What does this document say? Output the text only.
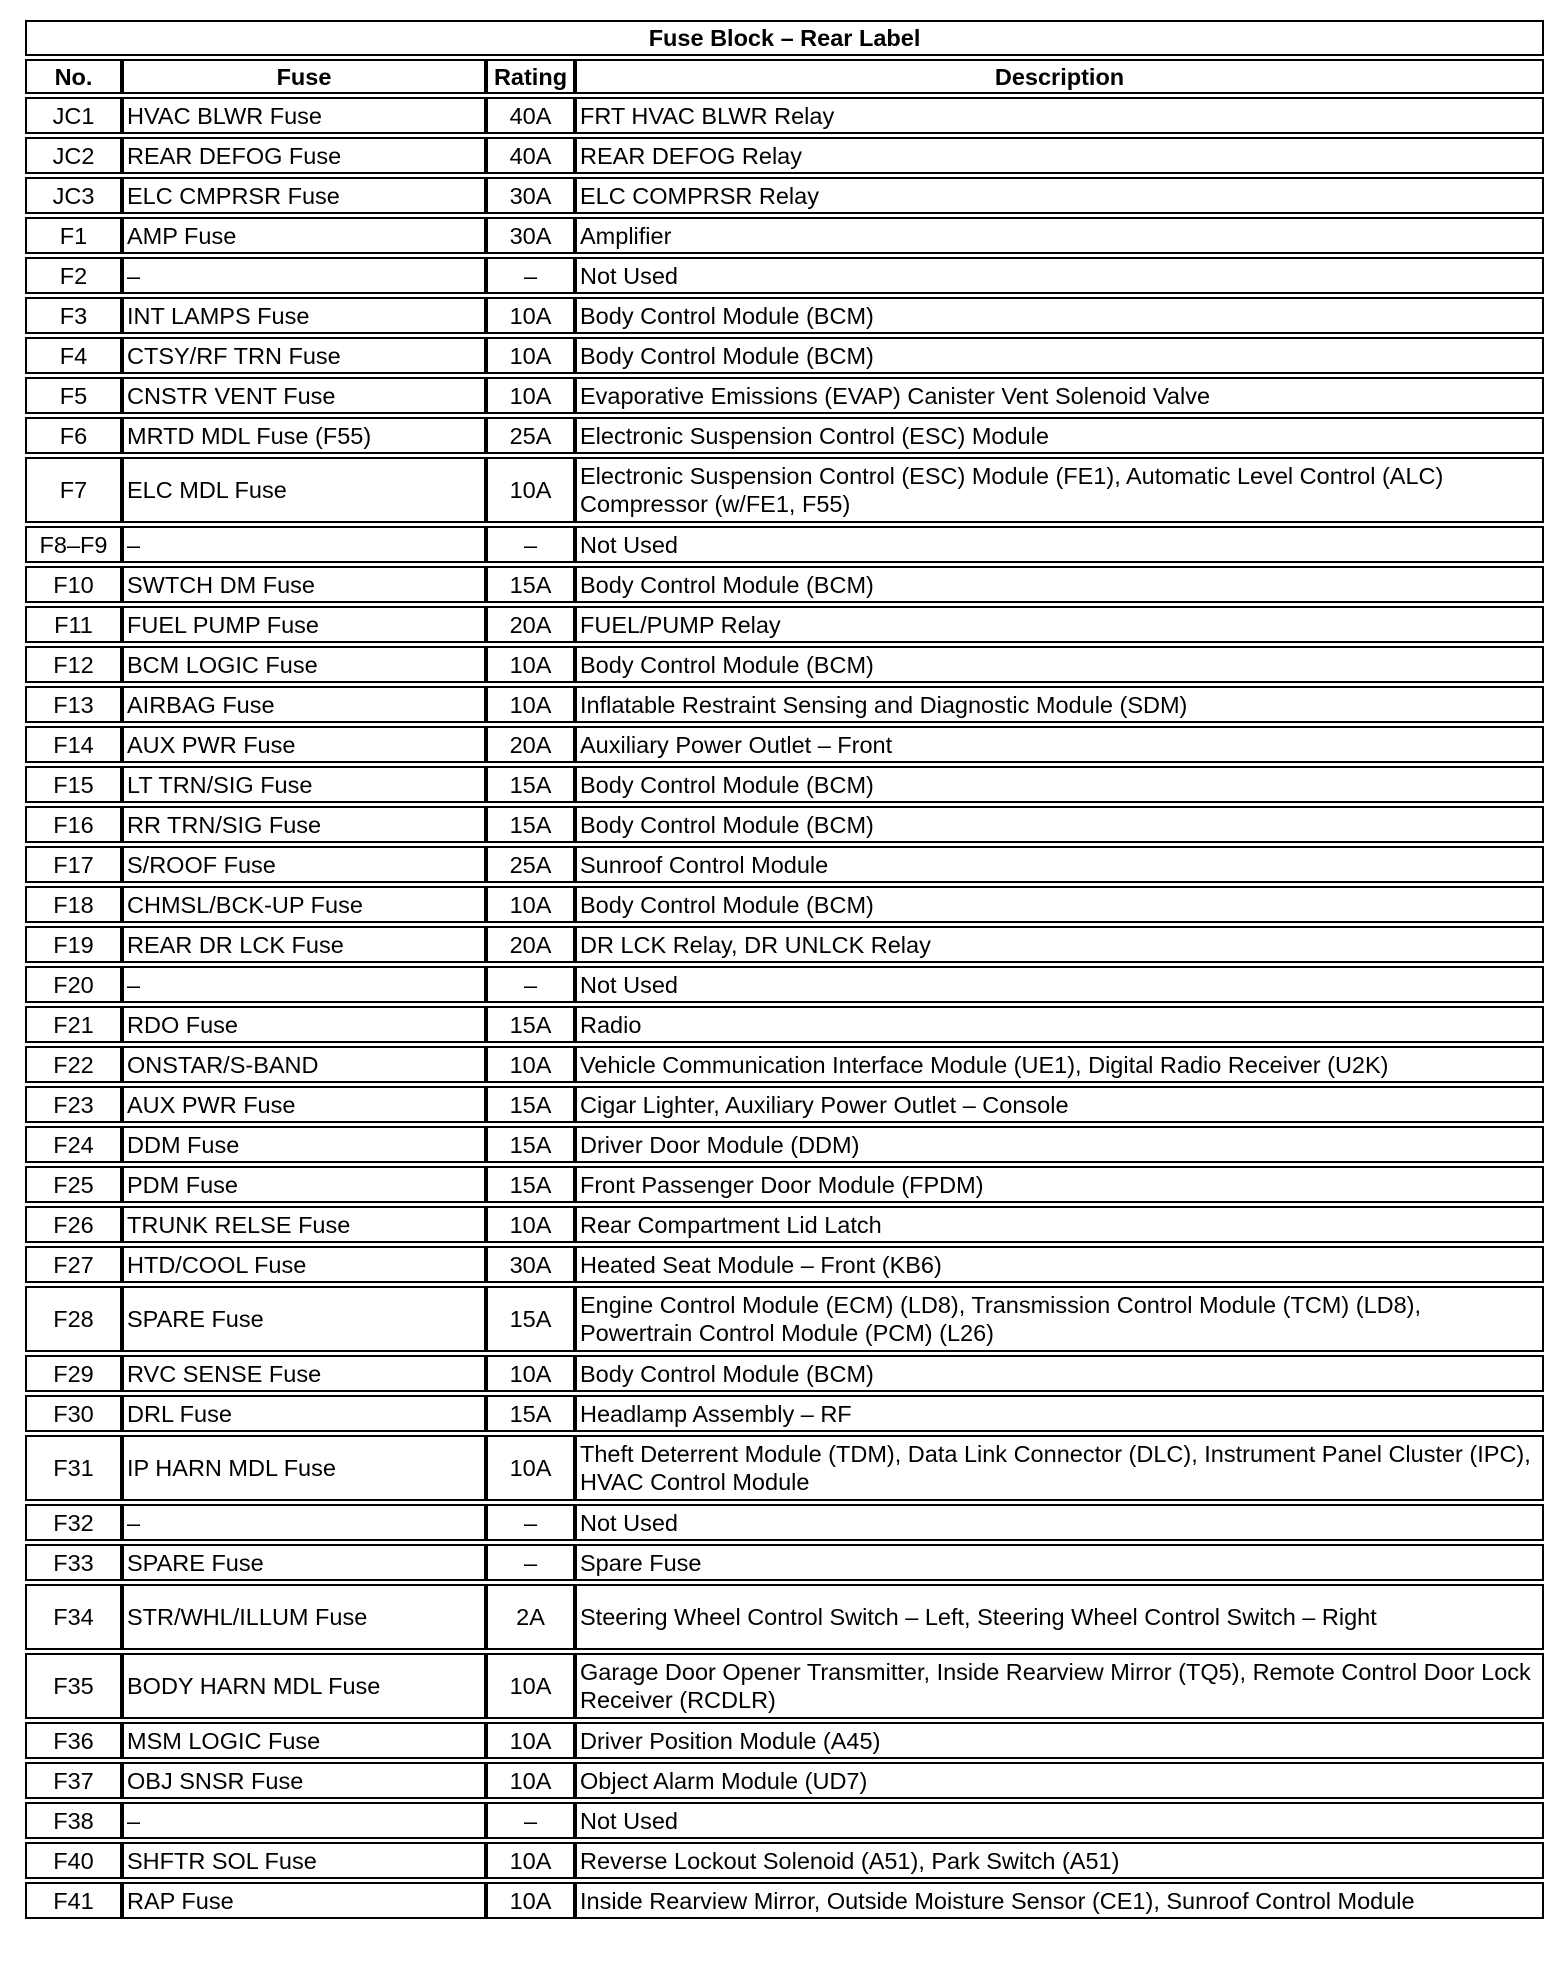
Fuse Block – Rear Label			
No.	Fuse	Rating	Description
JC1	HVAC BLWR Fuse	40A	FRT HVAC BLWR Relay
JC2	REAR DEFOG Fuse	40A	REAR DEFOG Relay
JC3	ELC CMPRSR Fuse	30A	ELC COMPRSR Relay
F1	AMP Fuse	30A	Amplifier
F2	–	–	Not Used
F3	INT LAMPS Fuse	10A	Body Control Module (BCM)
F4	CTSY/RF TRN Fuse	10A	Body Control Module (BCM)
F5	CNSTR VENT Fuse	10A	Evaporative Emissions (EVAP) Canister Vent Solenoid Valve
F6	MRTD MDL Fuse (F55)	25A	Electronic Suspension Control (ESC) Module
F7	ELC MDL Fuse	10A	Electronic Suspension Control (ESC) Module (FE1), Automatic Level Control (ALC) Compressor (w/FE1, F55)
F8–F9	–	–	Not Used
F10	SWTCH DM Fuse	15A	Body Control Module (BCM)
F11	FUEL PUMP Fuse	20A	FUEL/PUMP Relay
F12	BCM LOGIC Fuse	10A	Body Control Module (BCM)
F13	AIRBAG Fuse	10A	Inflatable Restraint Sensing and Diagnostic Module (SDM)
F14	AUX PWR Fuse	20A	Auxiliary Power Outlet – Front
F15	LT TRN/SIG Fuse	15A	Body Control Module (BCM)
F16	RR TRN/SIG Fuse	15A	Body Control Module (BCM)
F17	S/ROOF Fuse	25A	Sunroof Control Module
F18	CHMSL/BCK-UP Fuse	10A	Body Control Module (BCM)
F19	REAR DR LCK Fuse	20A	DR LCK Relay, DR UNLCK Relay
F20	–	–	Not Used
F21	RDO Fuse	15A	Radio
F22	ONSTAR/S-BAND	10A	Vehicle Communication Interface Module (UE1), Digital Radio Receiver (U2K)
F23	AUX PWR Fuse	15A	Cigar Lighter, Auxiliary Power Outlet – Console
F24	DDM Fuse	15A	Driver Door Module (DDM)
F25	PDM Fuse	15A	Front Passenger Door Module (FPDM)
F26	TRUNK RELSE Fuse	10A	Rear Compartment Lid Latch
F27	HTD/COOL Fuse	30A	Heated Seat Module – Front (KB6)
F28	SPARE Fuse	15A	Engine Control Module (ECM) (LD8), Transmission Control Module (TCM) (LD8), Powertrain Control Module (PCM) (L26)
F29	RVC SENSE Fuse	10A	Body Control Module (BCM)
F30	DRL Fuse	15A	Headlamp Assembly – RF
F31	IP HARN MDL Fuse	10A	Theft Deterrent Module (TDM), Data Link Connector (DLC), Instrument Panel Cluster (IPC), HVAC Control Module
F32	–	–	Not Used
F33	SPARE Fuse	–	Spare Fuse
F34	STR/WHL/ILLUM Fuse	2A	Steering Wheel Control Switch – Left, Steering Wheel Control Switch – Right
F35	BODY HARN MDL Fuse	10A	Garage Door Opener Transmitter, Inside Rearview Mirror (TQ5), Remote Control Door Lock Receiver (RCDLR)
F36	MSM LOGIC Fuse	10A	Driver Position Module (A45)
F37	OBJ SNSR Fuse	10A	Object Alarm Module (UD7)
F38	–	–	Not Used
F40	SHFTR SOL Fuse	10A	Reverse Lockout Solenoid (A51), Park Switch (A51)
F41	RAP Fuse	10A	Inside Rearview Mirror, Outside Moisture Sensor (CE1), Sunroof Control Module
